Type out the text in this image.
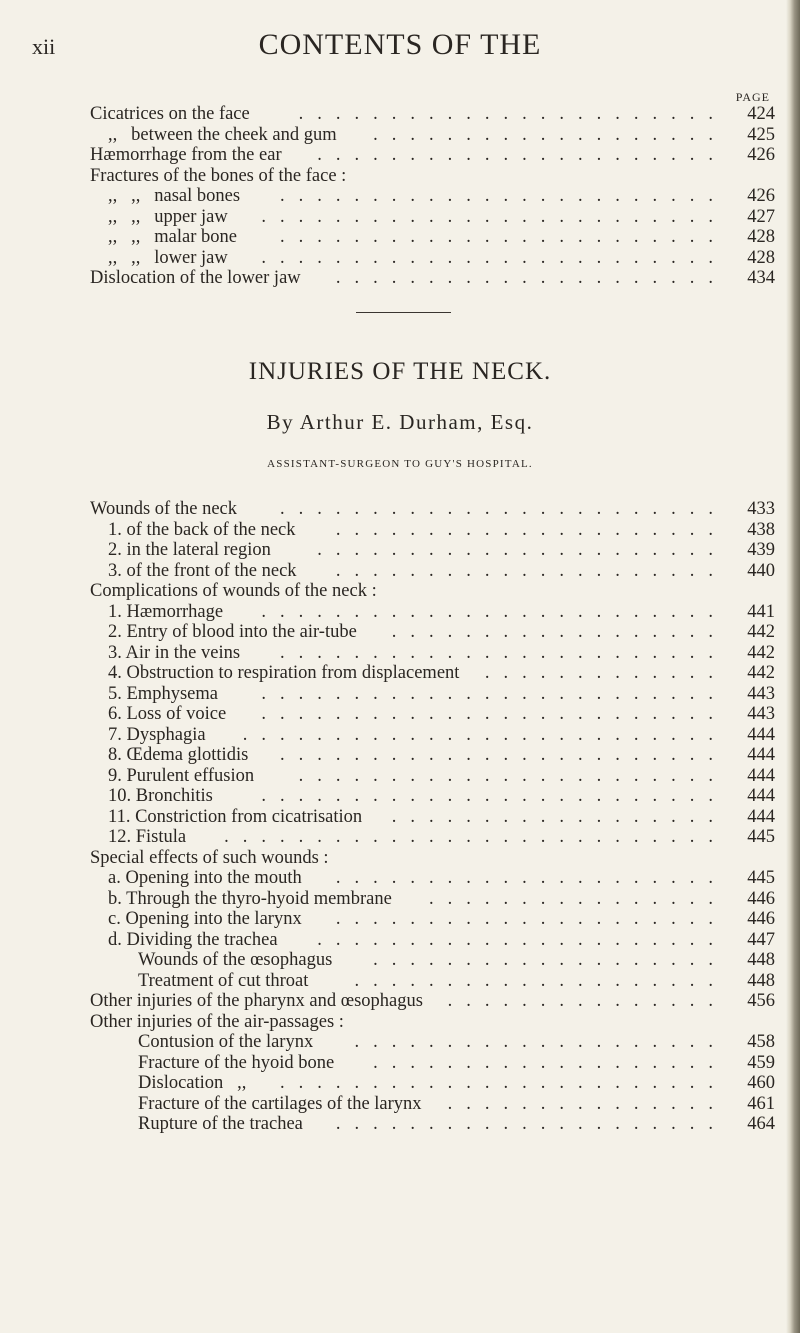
xii	CONTENTS OF THE
PAGE
Cicatrices on the face	424
.......................
,,   between the cheek and gum	425
...................
Hæmorrhage from the ear	426
......................
Fractures of the bones of the face :
,,   ,,   nasal bones	426
........................
,,   ,,   upper jaw	427
.........................
,,   ,,   malar bone	428
........................
,,   ,,   lower jaw	428
.........................
Dislocation of the lower jaw	434
.....................
INJURIES OF THE NECK.
By Arthur E. Durham, Esq.
ASSISTANT-SURGEON TO GUY'S HOSPITAL.
Wounds of the neck	433
........................
1. of the back of the neck	438
.....................
2. in the lateral region	439
......................
3. of the front of the neck	440
.....................
Complications of wounds of the neck :
1. Hæmorrhage	441
.........................
2. Entry of blood into the air-tube	442
..................
3. Air in the veins	442
........................
4. Obstruction to respiration from displacement	442
.............
5. Emphysema	443
.........................
6. Loss of voice	443
.........................
7. Dysphagia	444
..........................
8. Œdema glottidis	444
........................
9. Purulent effusion	444
.......................
10. Bronchitis	444
.........................
11. Constriction from cicatrisation	444
..................
12. Fistula	445
...........................
Special effects of such wounds :
a. Opening into the mouth	445
.....................
b. Through the thyro-hyoid membrane	446
................
c. Opening into the larynx	446
.....................
d. Dividing the trachea	447
......................
Wounds of the œsophagus	448
...................
Treatment of cut throat	448
....................
Other injuries of the pharynx and œsophagus	456
...............
Other injuries of the air-passages :
Contusion of the larynx	458
....................
Fracture of the hyoid bone	459
...................
Dislocation   ,,	460
........................
Fracture of the cartilages of the larynx	461
...............
Rupture of the trachea	464
.....................
